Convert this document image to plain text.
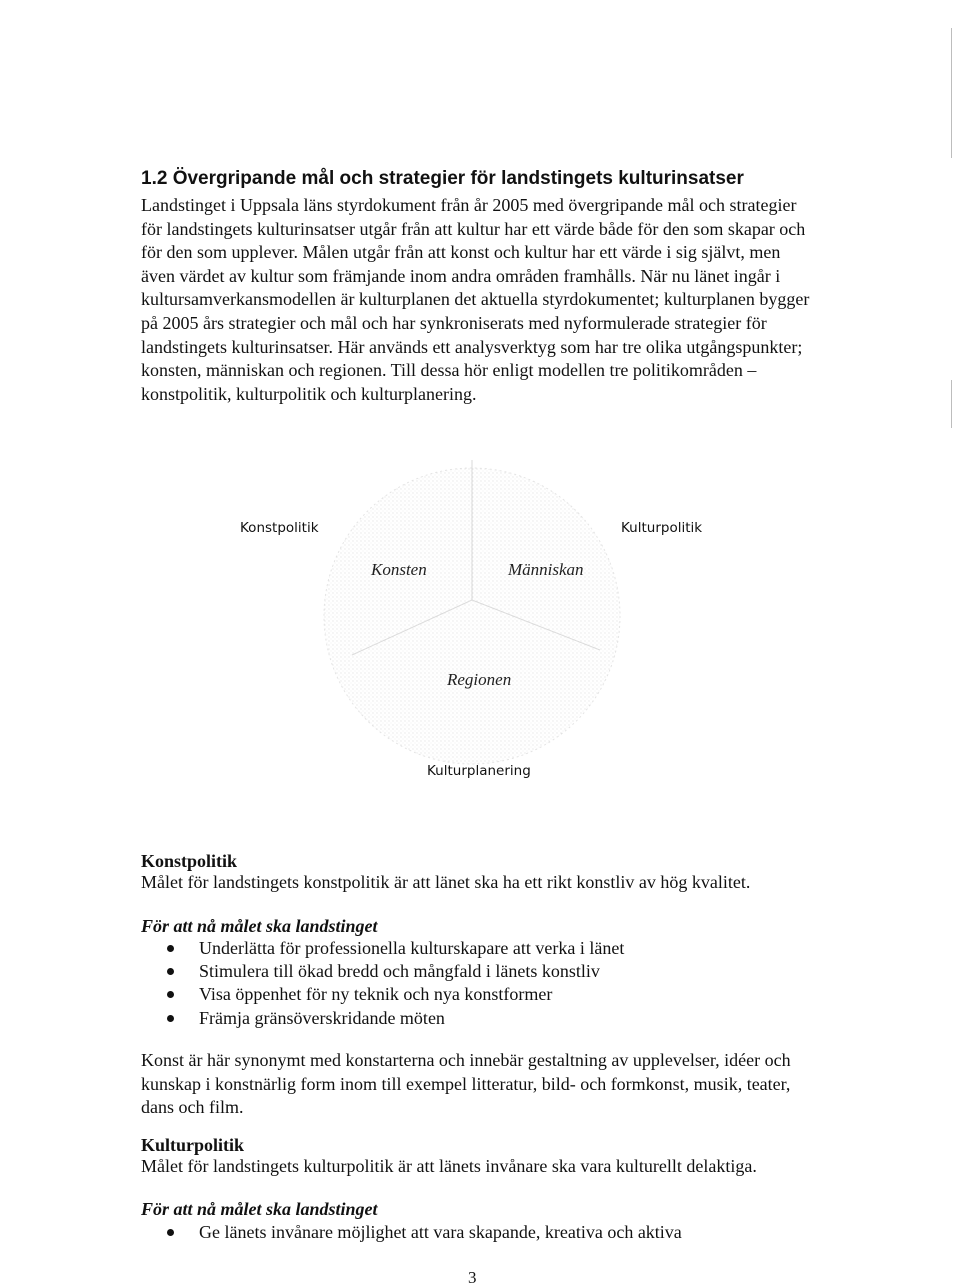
1.2 Övergripande mål och strategier för landstingets kulturinsatser
Landstinget i Uppsala läns styrdokument från år 2005 med övergripande mål och strategier för landstingets kulturinsatser utgår från att kultur har ett värde både för den som skapar och för den som upplever. Målen utgår från att konst och kultur har ett värde i sig självt, men även värdet av kultur som främjande inom andra områden framhålls. När nu länet ingår i kultursamverkansmodellen är kulturplanen det aktuella styrdokumentet; kulturplanen bygger på 2005 års strategier och mål och har synkroniserats med nyformulerade strategier för landstingets kulturinsatser. Här används ett analysverktyg som har tre olika utgångspunkter; konsten, människan och regionen. Till dessa hör enligt modellen tre politikområden – konstpolitik, kulturpolitik och kulturplanering.
Konstpolitik	Kulturpolitik
Kulturplanering
Konsten	Människan
Regionen
Konstpolitik
Målet för landstingets konstpolitik är att länet ska ha ett rikt konstliv av hög kvalitet.
För att nå målet ska landstinget
Underlätta för professionella kulturskapare att verka i länet
Stimulera till ökad bredd och mångfald i länets konstliv
Visa öppenhet för ny teknik och nya konstformer
Främja gränsöverskridande möten
Konst är här synonymt med konstarterna och innebär gestaltning av upplevelser, idéer och kunskap i konstnärlig form inom till exempel litteratur, bild- och formkonst, musik, teater, dans och film.
Kulturpolitik
Målet för landstingets kulturpolitik är att länets invånare ska vara kulturellt delaktiga.
För att nå målet ska landstinget
Ge länets invånare möjlighet att vara skapande, kreativa och aktiva
3
